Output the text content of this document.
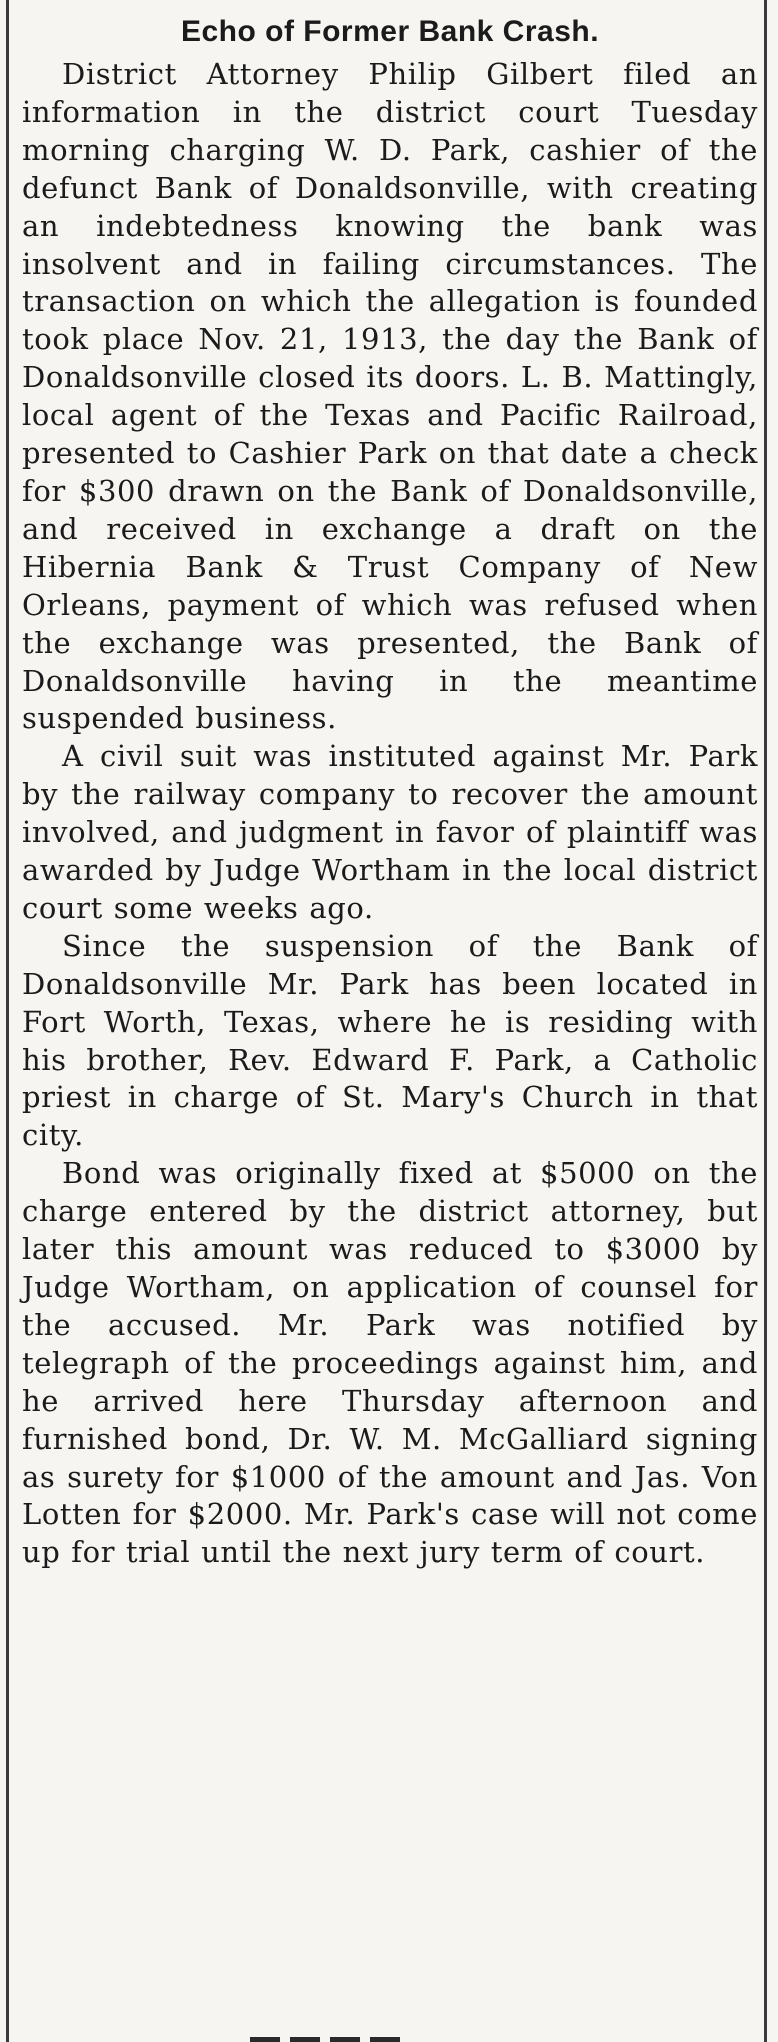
Echo of Former Bank Crash.

District Attorney Philip Gilbert filed an information in the district court Tuesday morning charging W. D. Park, cashier of the defunct Bank of Donaldsonville, with creating an indebtedness knowing the bank was insolvent and in failing circumstances. The transaction on which the allegation is founded took place Nov. 21, 1913, the day the Bank of Donaldsonville closed its doors. L. B. Mattingly, local agent of the Texas and Pacific Railroad, presented to Cashier Park on that date a check for $300 drawn on the Bank of Donaldsonville, and received in exchange a draft on the Hibernia Bank & Trust Company of New Orleans, payment of which was refused when the exchange was presented, the Bank of Donaldsonville having in the meantime suspended business.

A civil suit was instituted against Mr. Park by the railway company to recover the amount involved, and judgment in favor of plaintiff was awarded by Judge Wortham in the local district court some weeks ago.

Since the suspension of the Bank of Donaldsonville Mr. Park has been located in Fort Worth, Texas, where he is residing with his brother, Rev. Edward F. Park, a Catholic priest in charge of St. Mary's Church in that city.

Bond was originally fixed at $5000 on the charge entered by the district attorney, but later this amount was reduced to $3000 by Judge Wortham, on application of counsel for the accused. Mr. Park was notified by telegraph of the proceedings against him, and he arrived here Thursday afternoon and furnished bond, Dr. W. M. McGalliard signing as surety for $1000 of the amount and Jas. Von Lotten for $2000. Mr. Park's case will not come up for trial until the next jury term of court.
